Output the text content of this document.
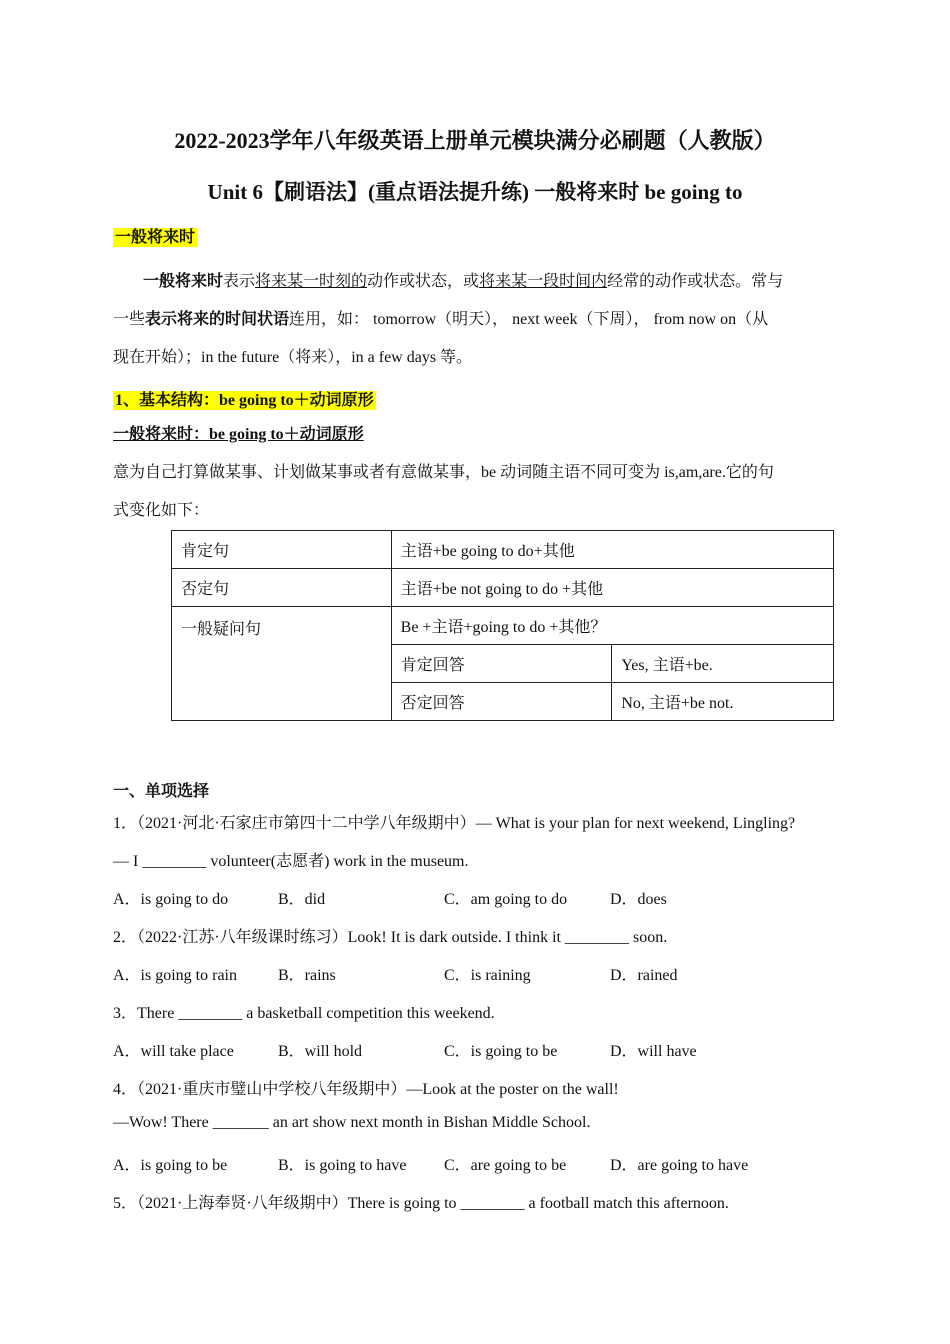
2022-2023学年八年级英语上册单元模块满分必刷题（人教版）
Unit 6【刷语法】(重点语法提升练) 一般将来时 be going to
一般将来时
一般将来时表示将来某一时刻的动作或状态，或将来某一段时间内经常的动作或状态。常与
一些表示将来的时间状语连用，如： tomorrow（明天）， next week（下周）， from now on（从
现在开始）；in the future（将来），in a few days 等。
1、基本结构：be going to＋动词原形
一般将来时：be going to＋动词原形
意为自己打算做某事、计划做某事或者有意做某事，be 动词随主语不同可变为 is,am,are.它的句
式变化如下：
肯定句	主语+be going to do+其他	
否定句	主语+be not going to do +其他	
一般疑问句	Be +主语+going to do +其他？	
	肯定回答	Yes, 主语+be.
	否定回答	No, 主语+be not.
一、单项选择
1．（2021·河北·石家庄市第四十二中学八年级期中）— What is your plan for next weekend, Lingling?
— I ________ volunteer(志愿者) work in the museum.
A．is going to do	B．did	C．am going to do	D．does
2．（2022·江苏·八年级课时练习）Look! It is dark outside. I think it ________ soon.
A．is going to rain	B．rains	C．is raining	D．rained
3．There ________ a basketball competition this weekend.
A．will take place	B．will hold	C．is going to be	D．will have
4．（2021·重庆市璧山中学校八年级期中）—Look at the poster on the wall!
—Wow! There _______ an art show next month in Bishan Middle School.
A．is going to be	B．is going to have C．are going to be	D．are going to have
5．（2021·上海奉贤·八年级期中）There is going to ________ a football match this afternoon.
